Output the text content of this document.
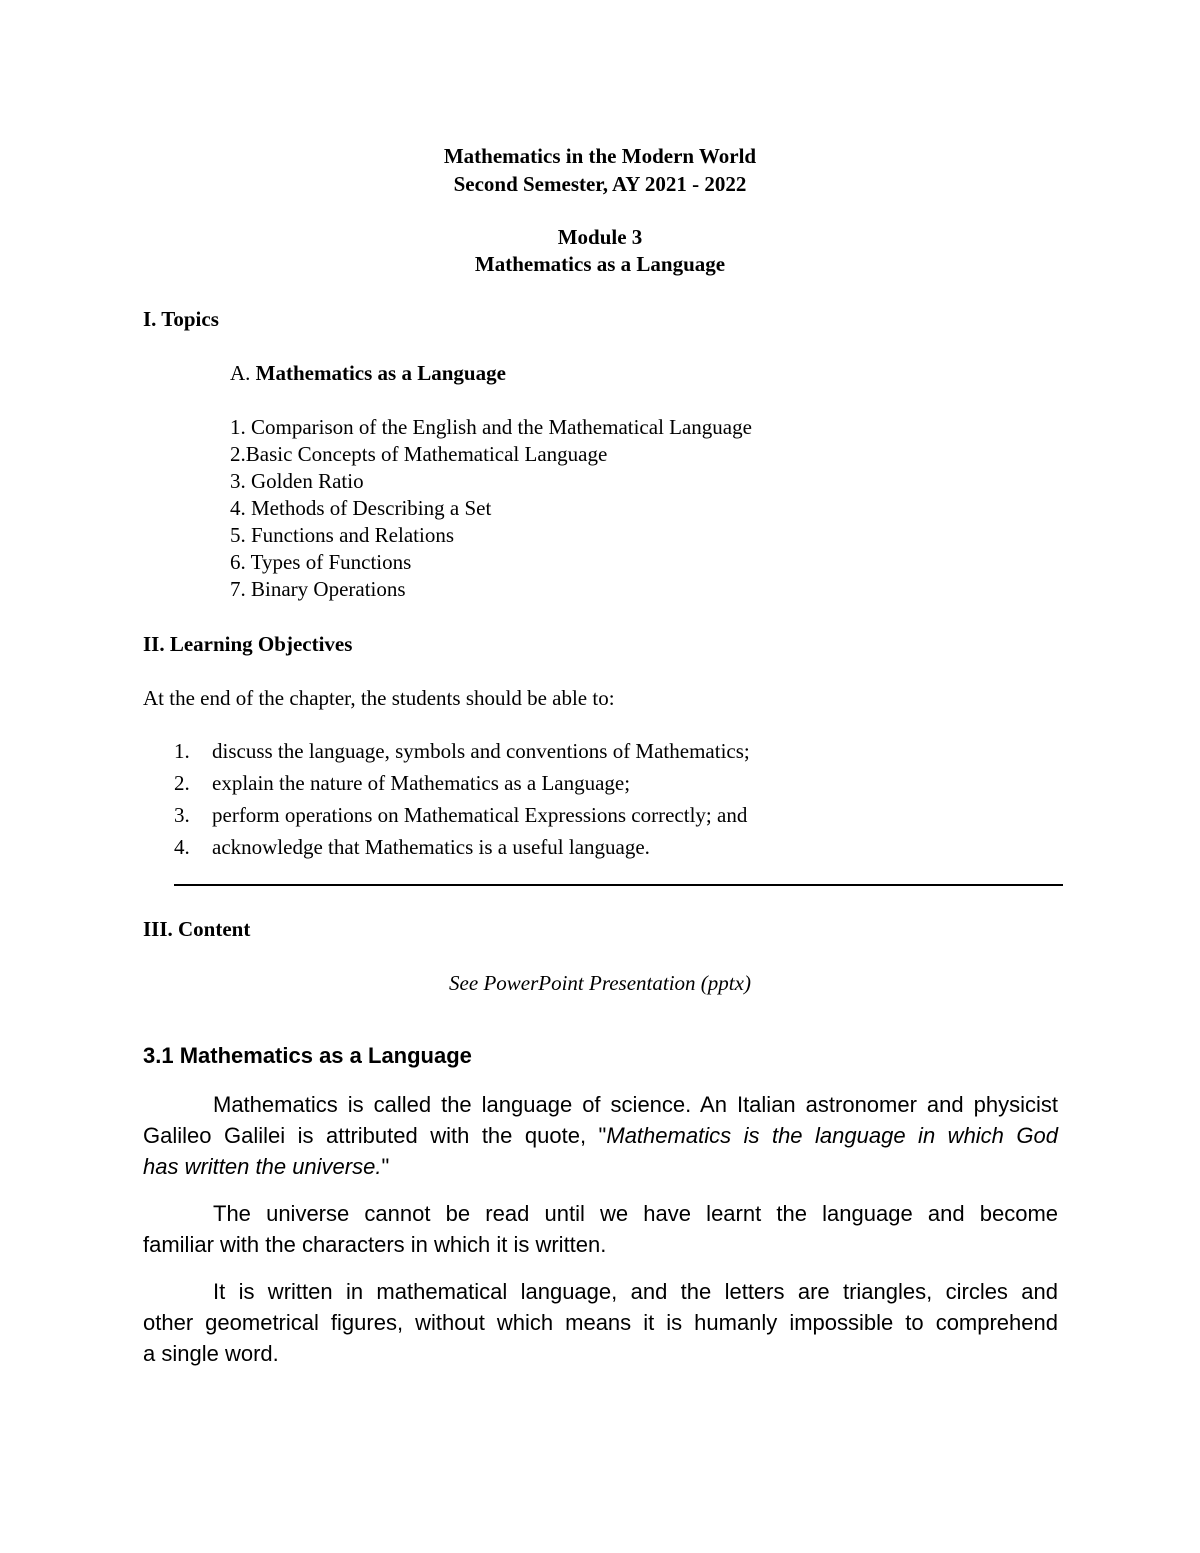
Mathematics in the Modern World
Second Semester, AY 2021 - 2022
Module 3
Mathematics as a Language
I. Topics
A. Mathematics as a Language
1. Comparison of the English and the Mathematical Language
2.Basic Concepts of Mathematical Language
3. Golden Ratio
4. Methods of Describing a Set
5. Functions and Relations
6. Types of Functions
7. Binary Operations
II. Learning Objectives
At the end of the chapter, the students should be able to:
1. discuss the language, symbols and conventions of Mathematics;
2. explain the nature of Mathematics as a Language;
3. perform operations on Mathematical Expressions correctly; and
4. acknowledge that Mathematics is a useful language.
III. Content
See PowerPoint Presentation (pptx)
3.1 Mathematics as a Language
Mathematics is called the language of science. An Italian astronomer and physicist
Galileo Galilei is attributed with the quote, "Mathematics is the language in which God
has written the universe."
The universe cannot be read until we have learnt the language and become
familiar with the characters in which it is written.
It is written in mathematical language, and the letters are triangles, circles and
other geometrical figures, without which means it is humanly impossible to comprehend
a single word.
